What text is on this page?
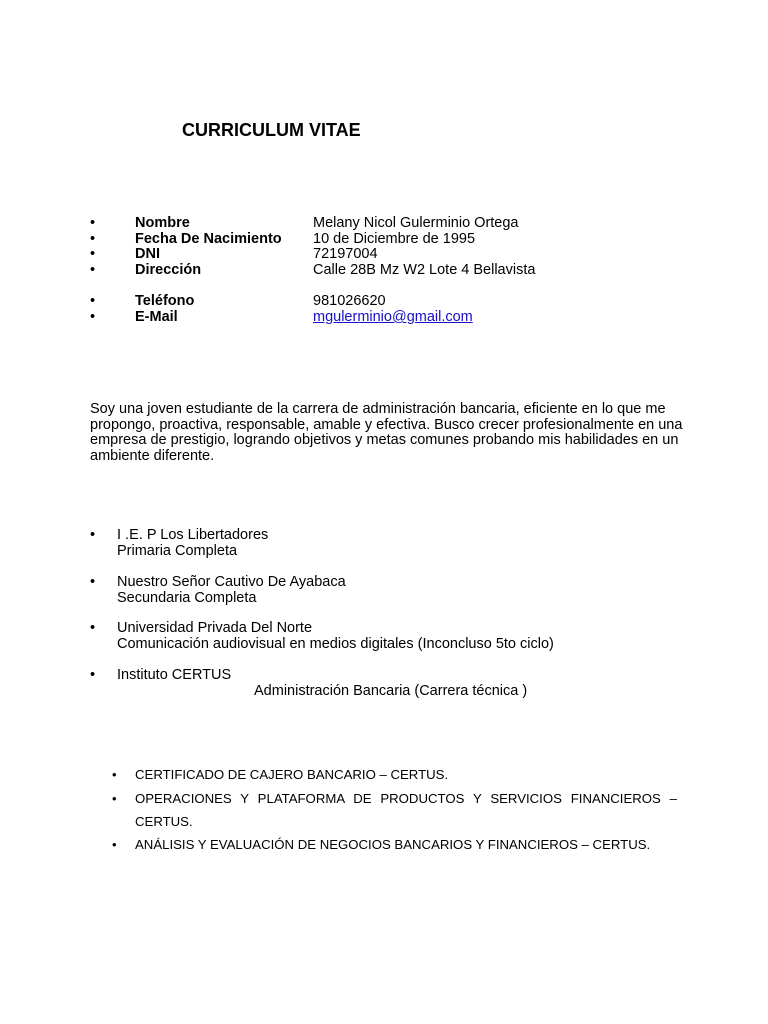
CURRICULUM VITAE
•	Nombre	Melany Nicol Gulerminio Ortega
•	Fecha De Nacimiento 10 de Diciembre de 1995
•	DNI	72197004
•	Dirección	Calle 28B Mz W2 Lote 4 Bellavista
•	Teléfono	981026620
•	E-Mail	mgulerminio@gmail.com
Soy una joven estudiante de la carrera de administración bancaria, eficiente en lo que me propongo, proactiva, responsable, amable y efectiva. Busco crecer profesionalmente en una empresa de prestigio, logrando objetivos y metas comunes probando mis habilidades en un ambiente diferente.
•	I .E. P Los Libertadores
Primaria Completa
•	Nuestro Señor Cautivo De Ayabaca
Secundaria Completa
•	Universidad Privada Del Norte
Comunicación audiovisual en medios digitales (Inconcluso 5to ciclo)
•	Instituto CERTUS
Administración Bancaria (Carrera técnica )
• CERTIFICADO DE CAJERO BANCARIO – CERTUS.
• OPERACIONES Y PLATAFORMA DE PRODUCTOS Y SERVICIOS FINANCIEROS –
CERTUS.
• ANÁLISIS Y EVALUACIÓN DE NEGOCIOS BANCARIOS Y FINANCIEROS – CERTUS.
